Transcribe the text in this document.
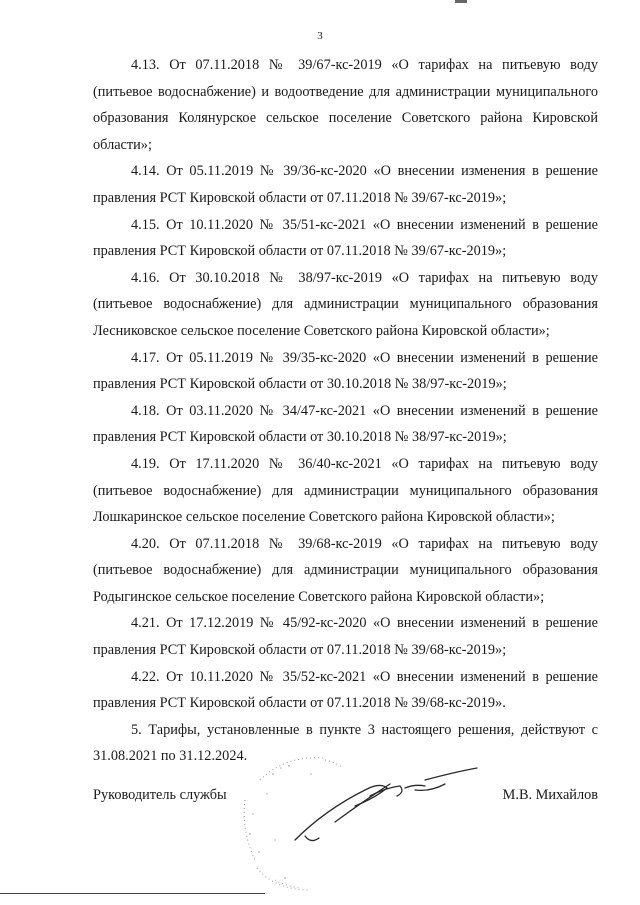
3

4.13. От 07.11.2018 № 39/67-кс-2019 «О тарифах на питьевую воду (питьевое водоснабжение) и водоотведение для администрации муниципального образования Колянурское сельское поселение Советского района Кировской области»;

4.14. От 05.11.2019 № 39/36-кс-2020 «О внесении изменения в решение правления РСТ Кировской области от 07.11.2018 № 39/67-кс-2019»;

4.15. От 10.11.2020 № 35/51-кс-2021 «О внесении изменений в решение правления РСТ Кировской области от 07.11.2018 № 39/67-кс-2019»;

4.16. От 30.10.2018 № 38/97-кс-2019 «О тарифах на питьевую воду (питьевое водоснабжение) для администрации муниципального образования Лесниковское сельское поселение Советского района Кировской области»;

4.17. От 05.11.2019 № 39/35-кс-2020 «О внесении изменений в решение правления РСТ Кировской области от 30.10.2018 № 38/97-кс-2019»;

4.18. От 03.11.2020 № 34/47-кс-2021 «О внесении изменений в решение правления РСТ Кировской области от 30.10.2018 № 38/97-кс-2019»;

4.19. От 17.11.2020 № 36/40-кс-2021 «О тарифах на питьевую воду (питьевое водоснабжение) для администрации муниципального образования Лошкаринское сельское поселение Советского района Кировской области»;

4.20. От 07.11.2018 № 39/68-кс-2019 «О тарифах на питьевую воду (питьевое водоснабжение) для администрации муниципального образования Родыгинское сельское поселение Советского района Кировской области»;

4.21. От 17.12.2019 № 45/92-кс-2020 «О внесении изменений в решение правления РСТ Кировской области от 07.11.2018 № 39/68-кс-2019»;

4.22. От 10.11.2020 № 35/52-кс-2021 «О внесении изменений в решение правления РСТ Кировской области от 07.11.2018 № 39/68-кс-2019».

5. Тарифы, установленные в пункте 3 настоящего решения, действуют с 31.08.2021 по 31.12.2024.

Руководитель службы	М.В. Михайлов
